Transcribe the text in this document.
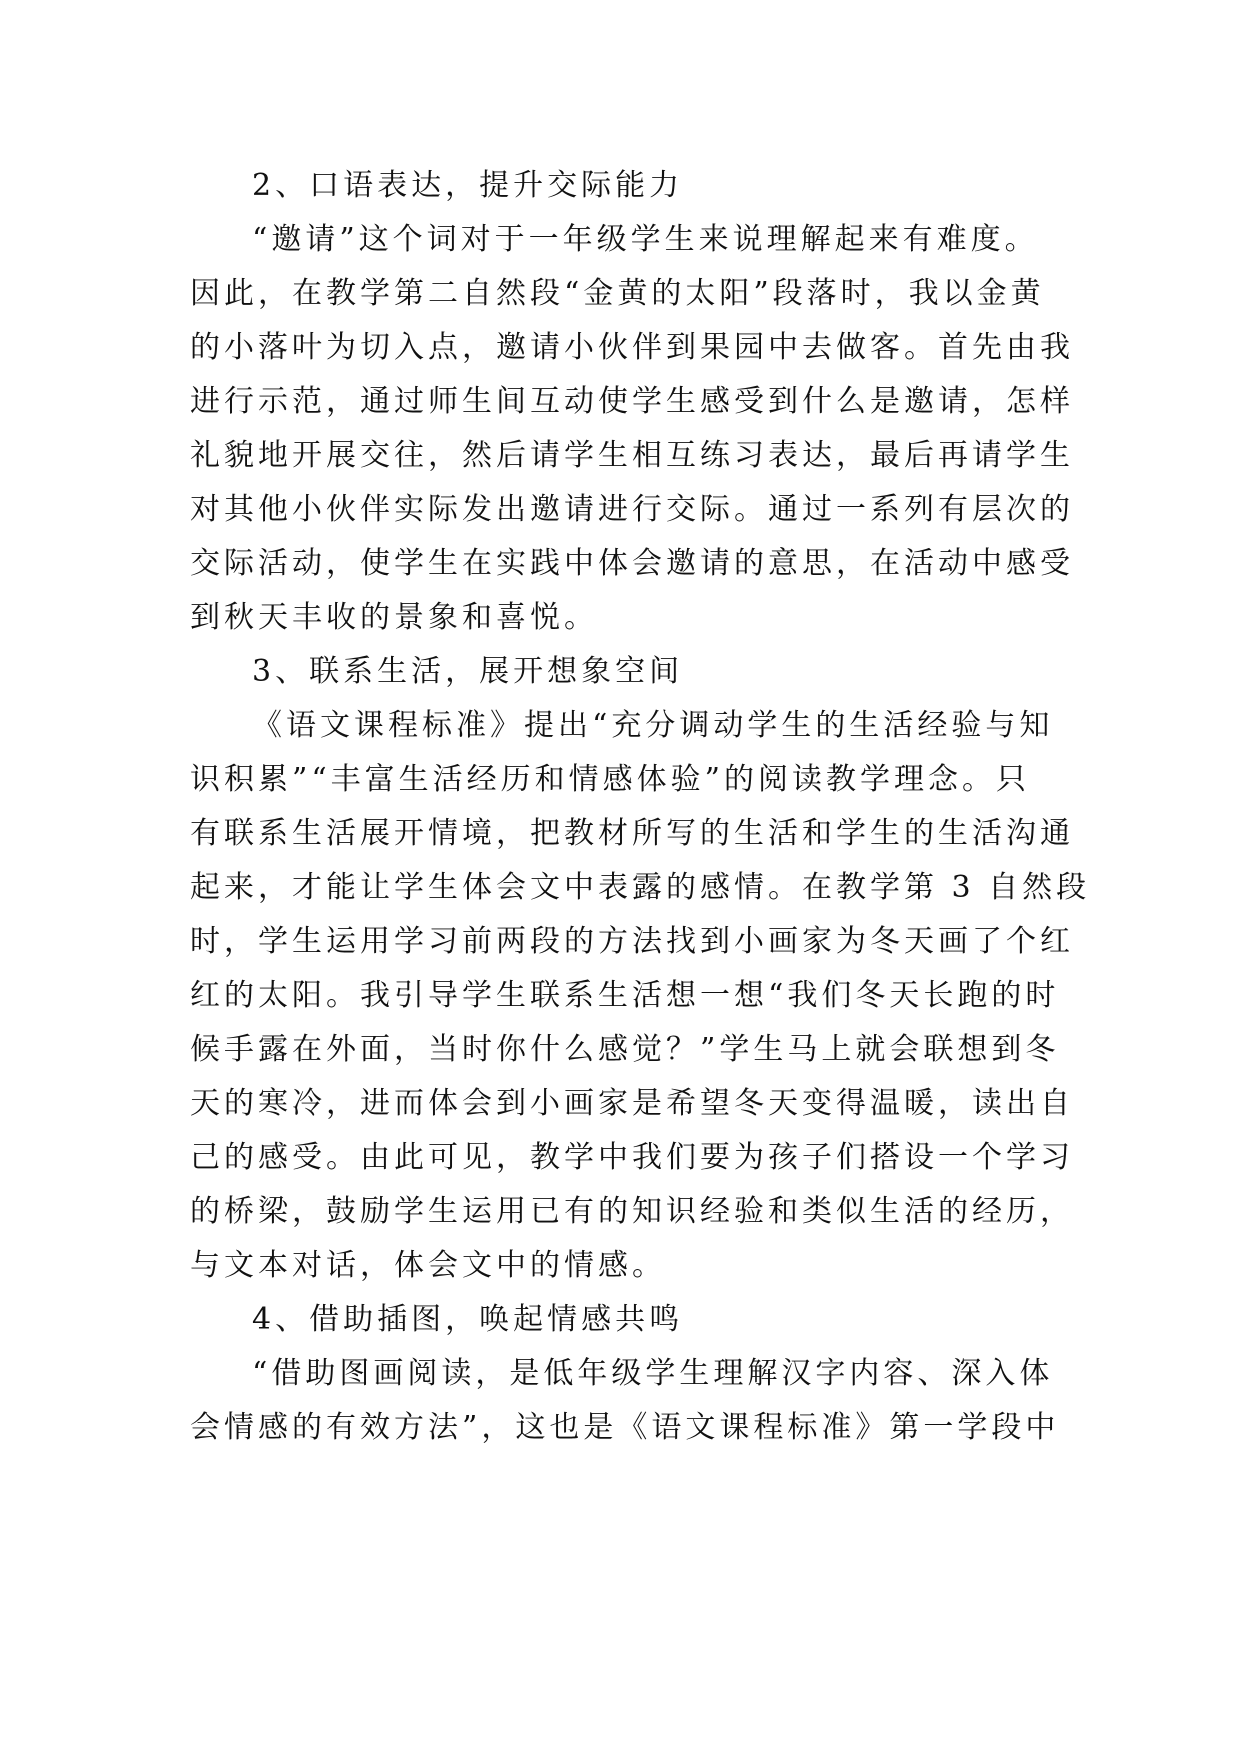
2、口语表达，提升交际能力
“邀请”这个词对于一年级学生来说理解起来有难度。
因此，在教学第二自然段“金黄的太阳”段落时，我以金黄
的小落叶为切入点，邀请小伙伴到果园中去做客。首先由我
进行示范，通过师生间互动使学生感受到什么是邀请，怎样
礼貌地开展交往，然后请学生相互练习表达，最后再请学生
对其他小伙伴实际发出邀请进行交际。通过一系列有层次的
交际活动，使学生在实践中体会邀请的意思，在活动中感受
到秋天丰收的景象和喜悦。
3、联系生活，展开想象空间
《语文课程标准》提出“充分调动学生的生活经验与知
识积累”“丰富生活经历和情感体验”的阅读教学理念。只
有联系生活展开情境，把教材所写的生活和学生的生活沟通
起来，才能让学生体会文中表露的感情。在教学第 3 自然段
时，学生运用学习前两段的方法找到小画家为冬天画了个红
红的太阳。我引导学生联系生活想一想“我们冬天长跑的时
候手露在外面，当时你什么感觉？”学生马上就会联想到冬
天的寒冷，进而体会到小画家是希望冬天变得温暖，读出自
己的感受。由此可见，教学中我们要为孩子们搭设一个学习
的桥梁，鼓励学生运用已有的知识经验和类似生活的经历，
与文本对话，体会文中的情感。
4、借助插图，唤起情感共鸣
“借助图画阅读，是低年级学生理解汉字内容、深入体
会情感的有效方法”，这也是《语文课程标准》第一学段中
